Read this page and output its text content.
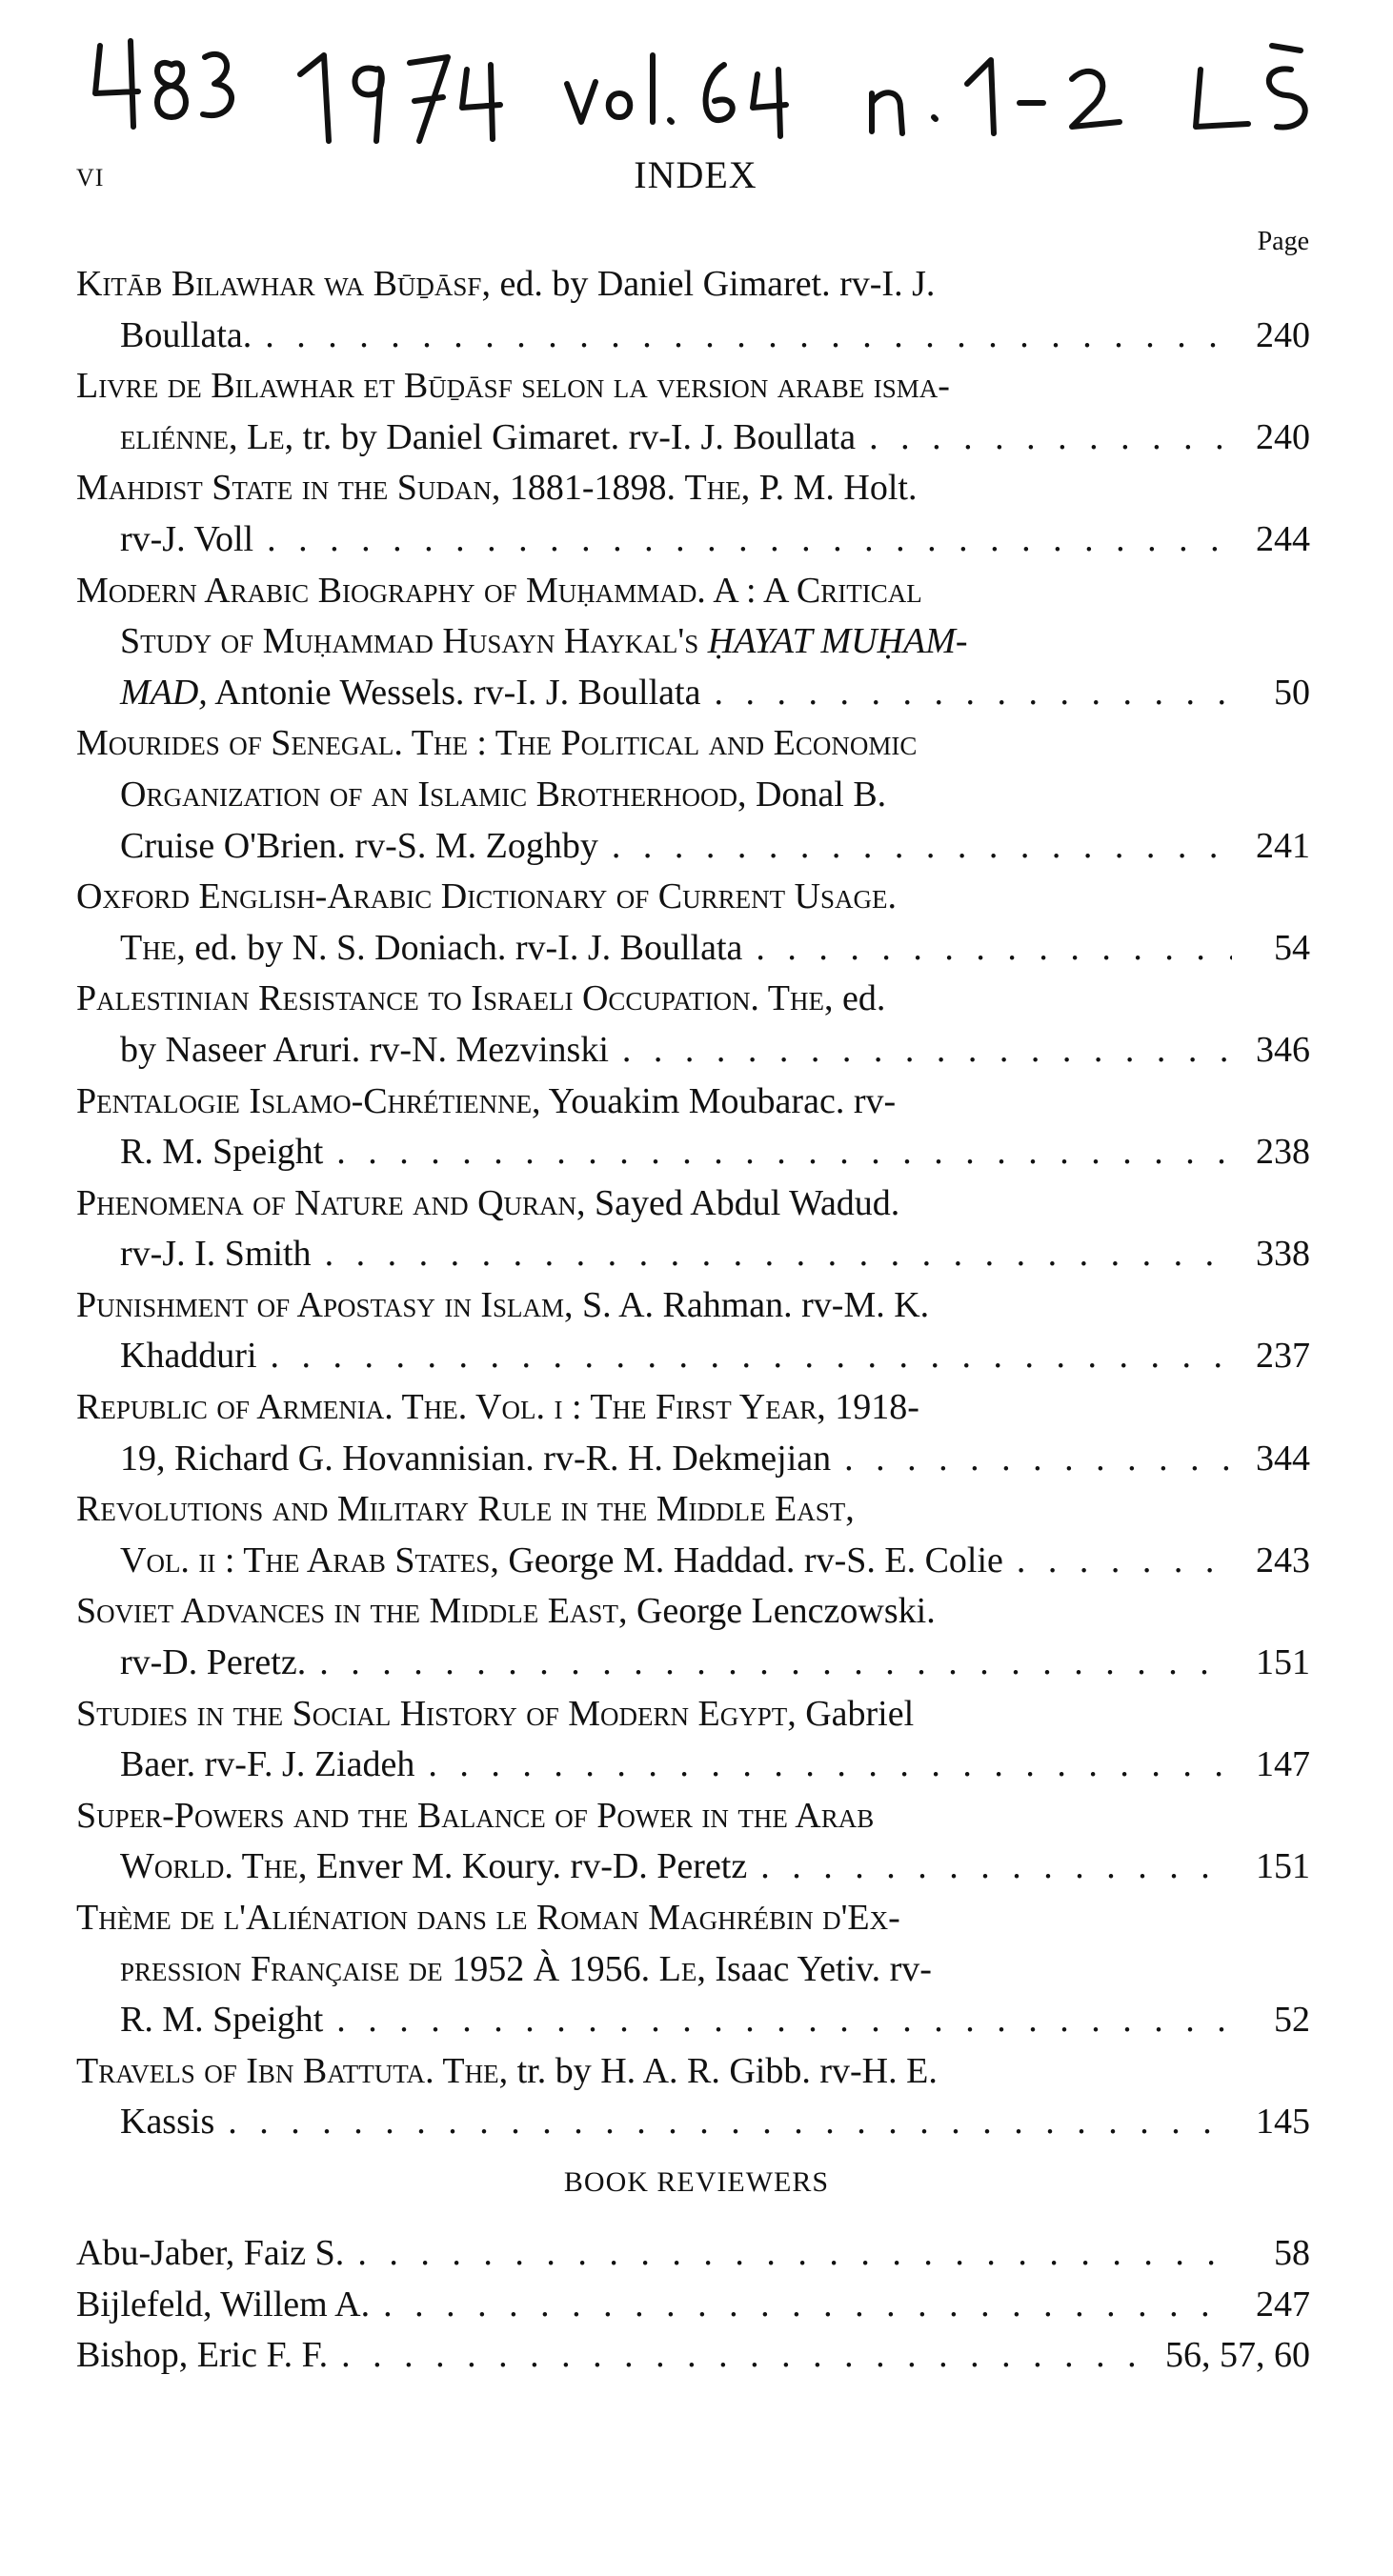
VI	INDEX
Page
Kitāb Bilawhar wa Būḏāsf, ed. by Daniel Gimaret. rv-I. J.
Boullata. . . .	240
Livre de Bilawhar et Būḏāsf selon la version arabe isma-
eliénne, Le, tr. by Daniel Gimaret. rv-I. J. Boullata . . .	240
Mahdist State in the Sudan, 1881-1898. The, P. M. Holt.
rv-J. Voll . . .	244
Modern Arabic Biography of Muḥammad. A : A Critical
Study of Muḥammad Husayn Haykal's ḤAYAT MUḤAM-
MAD, Antonie Wessels. rv-I. J. Boullata . . .	50
Mourides of Senegal. The : The Political and Economic
Organization of an Islamic Brotherhood, Donal B.
Cruise O'Brien. rv-S. M. Zoghby . . .	241
Oxford English-Arabic Dictionary of Current Usage.
The, ed. by N. S. Doniach. rv-I. J. Boullata . . .	54
Palestinian Resistance to Israeli Occupation. The, ed.
by Naseer Aruri. rv-N. Mezvinski . . .	346
Pentalogie Islamo-Chrétienne, Youakim Moubarac. rv-
R. M. Speight . . .	238
Phenomena of Nature and Quran, Sayed Abdul Wadud.
rv-J. I. Smith . . .	338
Punishment of Apostasy in Islam, S. A. Rahman. rv-M. K.
Khadduri . . .	237
Republic of Armenia. The. Vol. i : The First Year, 1918-
19, Richard G. Hovannisian. rv-R. H. Dekmejian . . .	344
Revolutions and Military Rule in the Middle East,
Vol. ii : The Arab States, George M. Haddad. rv-S. E. Colie . . .	243
Soviet Advances in the Middle East, George Lenczowski.
rv-D. Peretz. . . .	151
Studies in the Social History of Modern Egypt, Gabriel
Baer. rv-F. J. Ziadeh . . .	147
Super-Powers and the Balance of Power in the Arab
World. The, Enver M. Koury. rv-D. Peretz . . .	151
Thème de l'Aliénation dans le Roman Maghrébin d'Ex-
pression Française de 1952 À 1956. Le, Isaac Yetiv. rv-
R. M. Speight . . .	52
Travels of Ibn Battuta. The, tr. by H. A. R. Gibb. rv-H. E.
Kassis . . .	145
BOOK REVIEWERS
Abu-Jaber, Faiz S. . . .	58
Bijlefeld, Willem A. . . .	247
Bishop, Eric F. F. . . .	56, 57, 60
